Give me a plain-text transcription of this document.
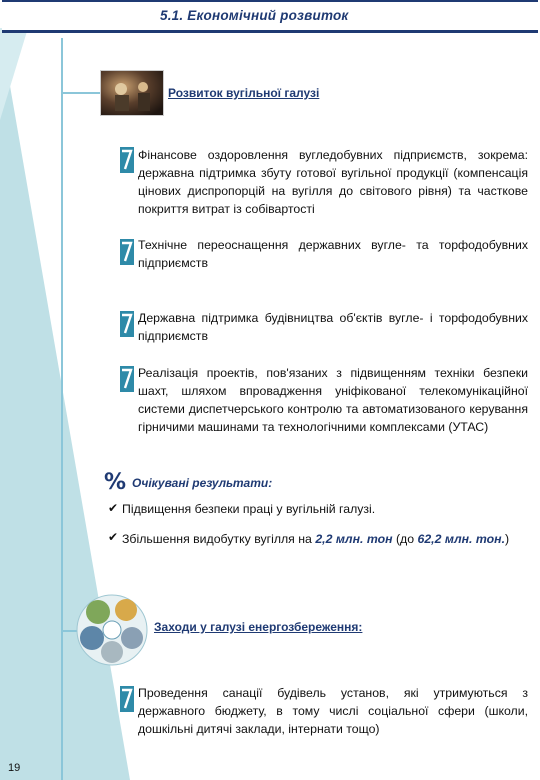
5.1. Економічний розвиток
Розвиток вугільної галузі
Фінансове оздоровлення вугледобувних підприємств, зокрема: державна підтримка збуту готової вугільної продукції (компенсація цінових диспропорцій на вугілля до світового рівня) та часткове покриття витрат із собівартості
Технічне переоснащення державних вугле- та торфодобувних підприємств
Державна підтримка будівництва об'єктів вугле- і торфодобувних підприємств
Реалізація проектів, пов'язаних з підвищенням техніки безпеки шахт, шляхом впровадження уніфікованої телекомунікаційної системи диспетчерського контролю та автоматизованого керування гірничими машинами та технологічними комплексами (УТАС)
% Очікувані результати:
✔ Підвищення безпеки праці у вугільній галузі.
✔ Збільшення видобутку вугілля на 2,2 млн. тон (до 62,2 млн. тон.)
Заходи у галузі енергозбереження:
Проведення санації будівель установ, які утримуються з державного бюджету, в тому числі соціальної сфери (школи, дошкільні дитячі заклади, інтернати тощо)
19
